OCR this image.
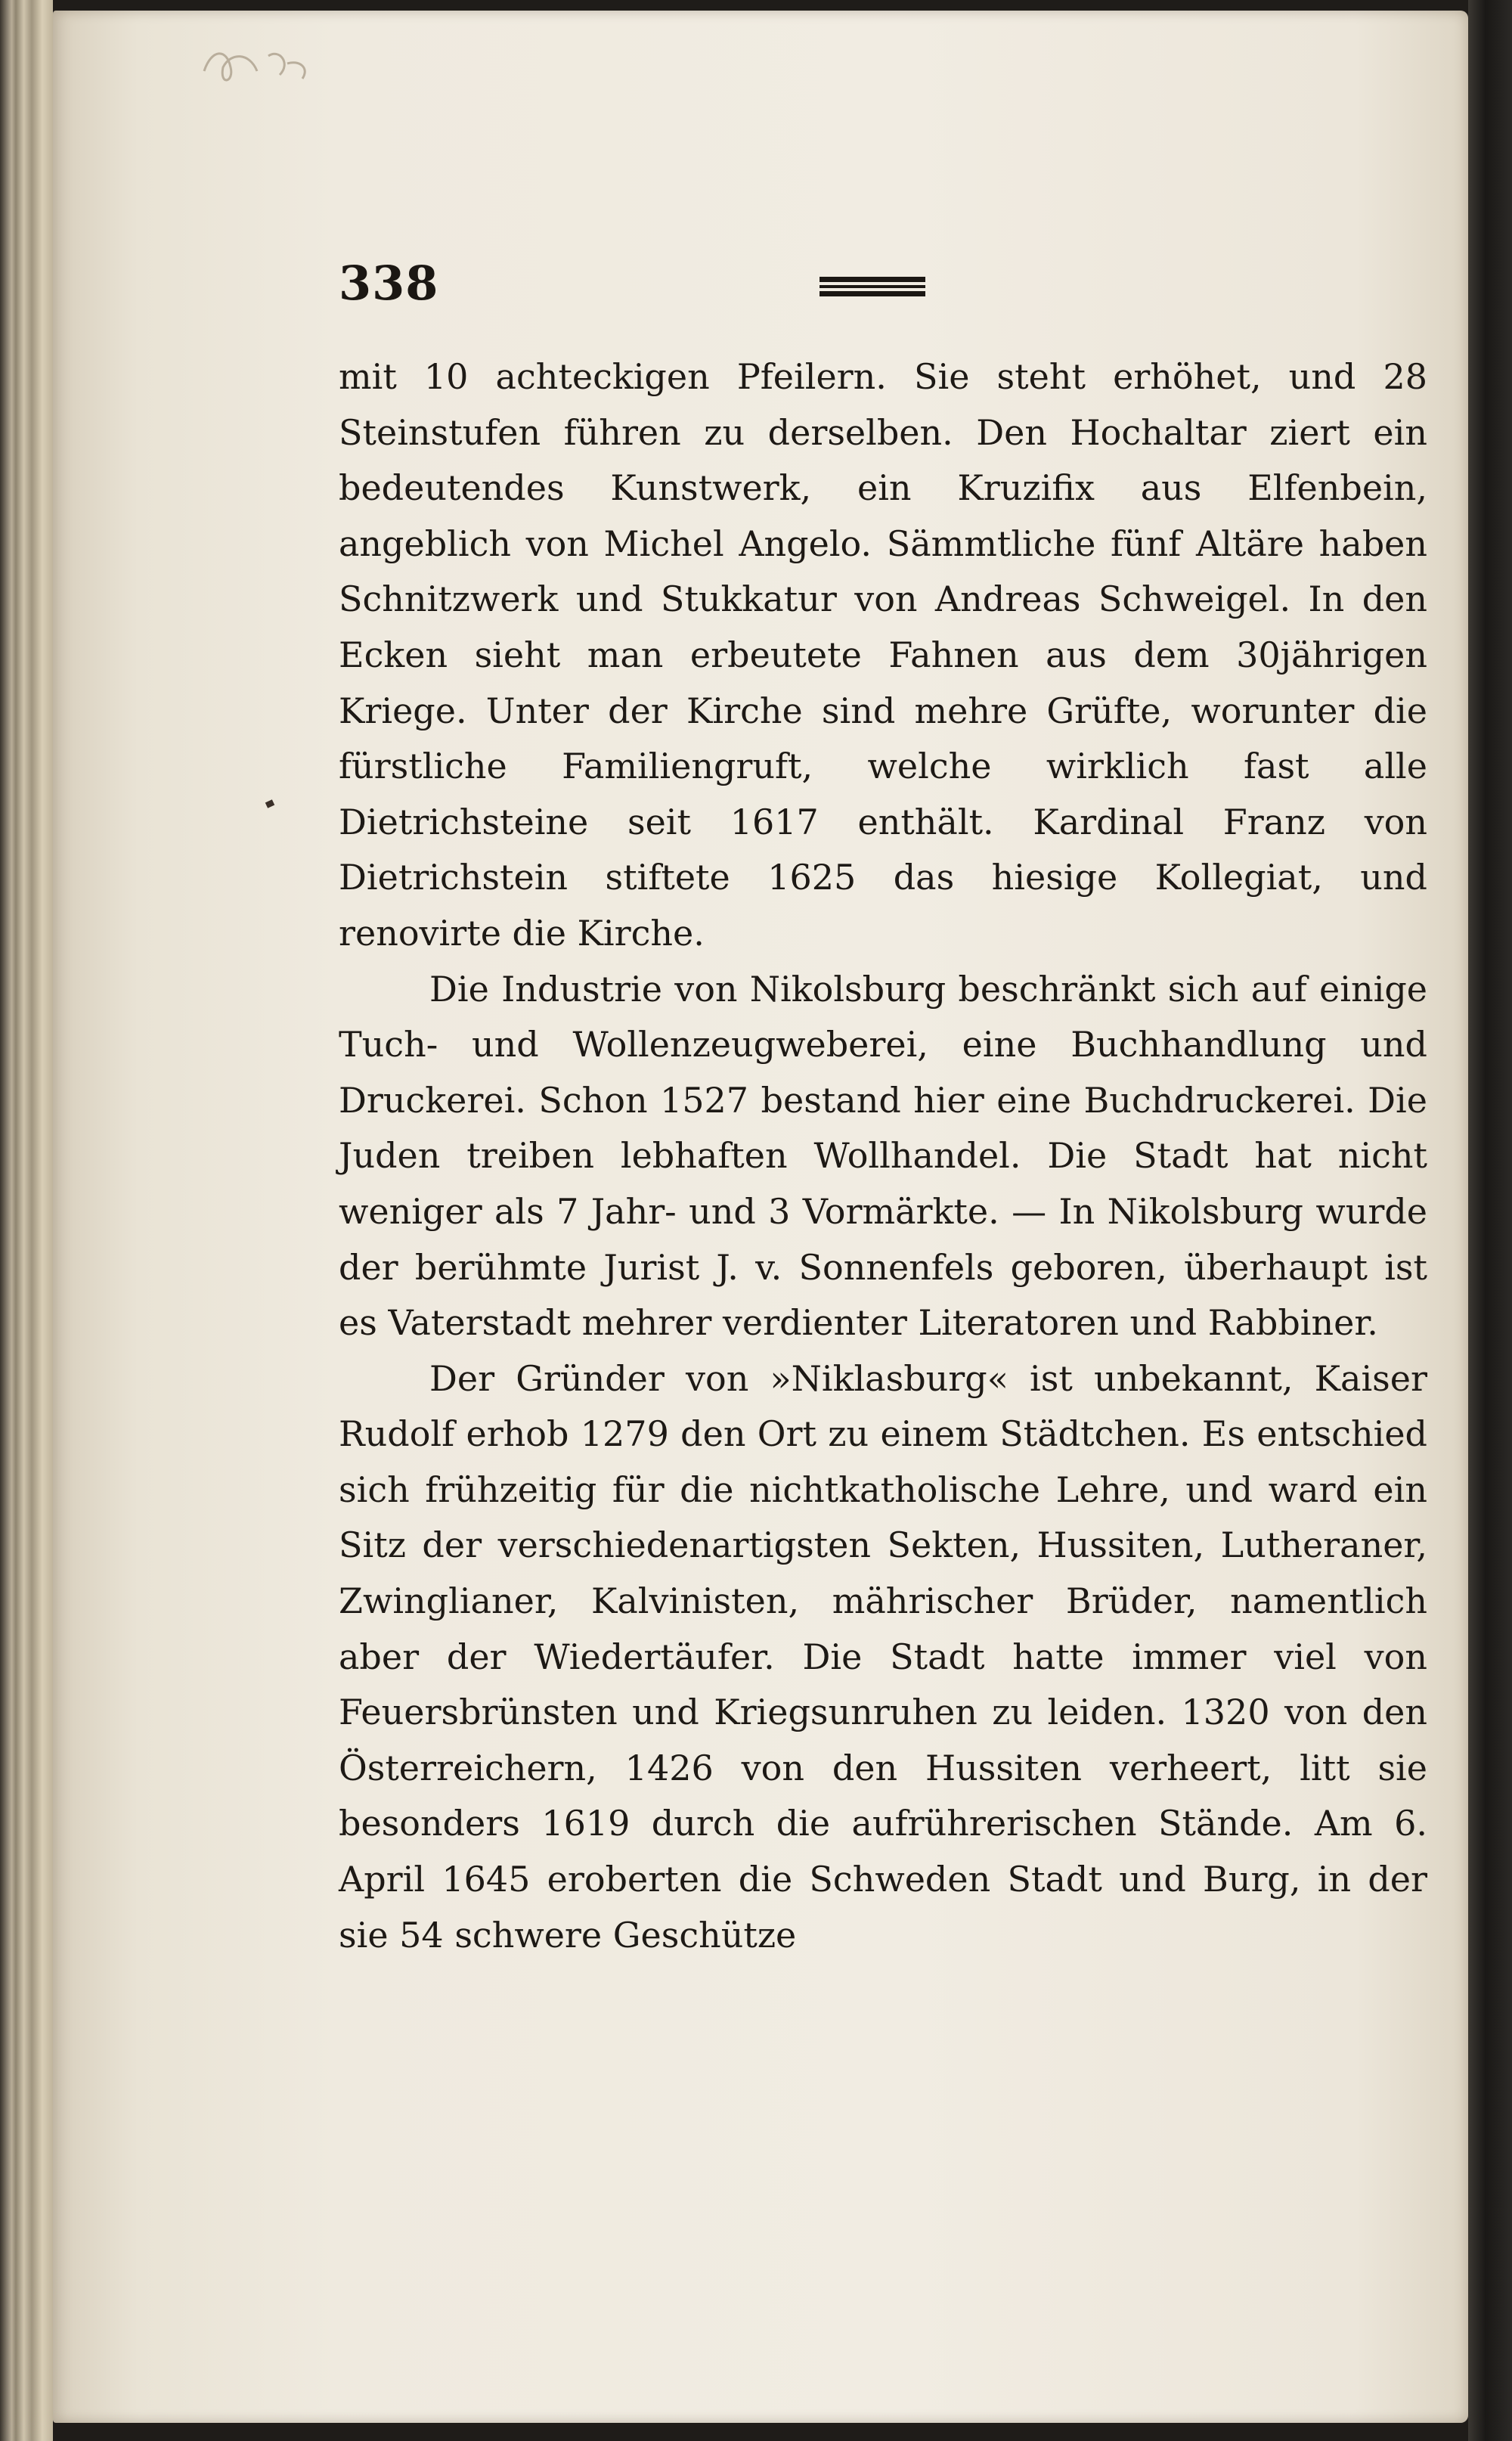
338

mit 10 achteckigen Pfeilern. Sie steht erhöhet, und 28 Steinstufen führen zu derselben. Den Hochaltar ziert ein bedeutendes Kunstwerk, ein Kruzifix aus Elfenbein, angeblich von Michel Angelo. Sämmtliche fünf Altäre haben Schnitzwerk und Stukkatur von Andreas Schweigel. In den Ecken sieht man erbeutete Fahnen aus dem 30jährigen Kriege. Unter der Kirche sind mehre Grüfte, worunter die fürstliche Familiengruft, welche wirklich fast alle Dietrichsteine seit 1617 enthält. Kardinal Franz von Dietrichstein stiftete 1625 das hiesige Kollegiat, und renovirte die Kirche.

Die Industrie von Nikolsburg beschränkt sich auf einige Tuch- und Wollenzeugweberei, eine Buchhandlung und Druckerei. Schon 1527 bestand hier eine Buchdruckerei. Die Juden treiben lebhaften Wollhandel. Die Stadt hat nicht weniger als 7 Jahr- und 3 Vormärkte. — In Nikolsburg wurde der berühmte Jurist J. v. Sonnenfels geboren, überhaupt ist es Vaterstadt mehrer verdienter Literatoren und Rabbiner.

Der Gründer von »Niklasburg« ist unbekannt, Kaiser Rudolf erhob 1279 den Ort zu einem Städtchen. Es entschied sich frühzeitig für die nichtkatholische Lehre, und ward ein Sitz der verschiedenartigsten Sekten, Hussiten, Lutheraner, Zwinglianer, Kalvinisten, mährischer Brüder, namentlich aber der Wiedertäufer. Die Stadt hatte immer viel von Feuersbrünsten und Kriegsunruhen zu leiden. 1320 von den Österreichern, 1426 von den Hussiten verheert, litt sie besonders 1619 durch die aufrührerischen Stände. Am 6. April 1645 eroberten die Schweden Stadt und Burg, in der sie 54 schwere Geschütze
